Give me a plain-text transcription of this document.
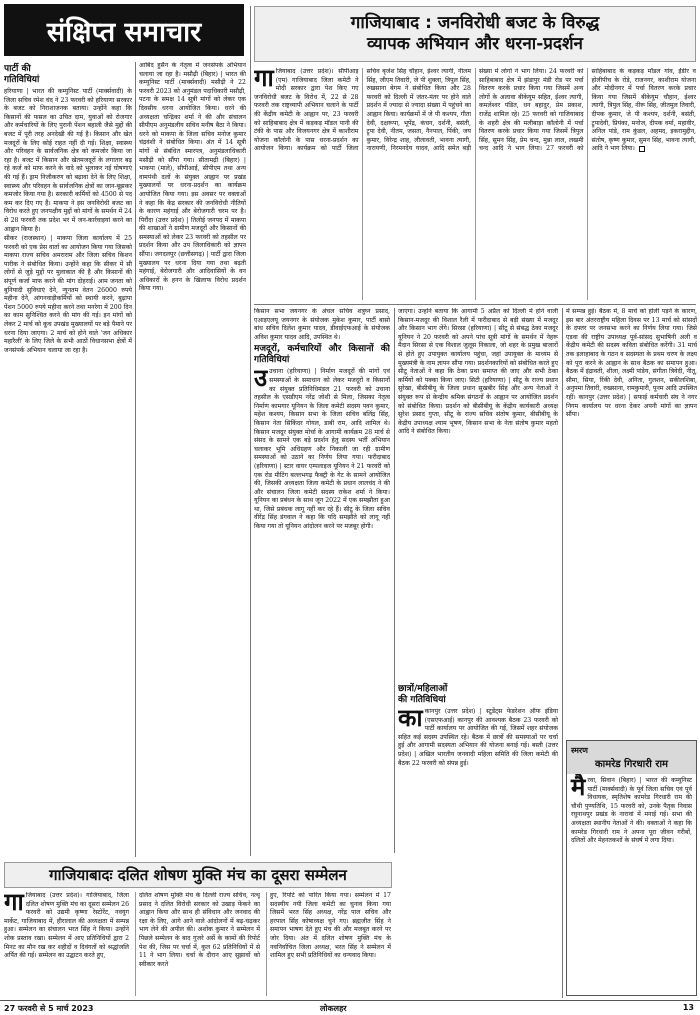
संक्षिप्त समाचार
पार्टी की
गतिविधियां

हरियाणा | भारत की कम्युनिस्ट पार्टी (मार्क्सवादी) के जिला सचिव रमेश चंद ने 23 फरवरी को हरियाणा सरकार के बजट को निराशाजनक बताया। उन्होंने कहा कि किसानों की फसल का उचित दाम, युवाओं को रोजगार और कर्मचारियों के लिए पुरानी पेंशन बहाली जैसे मुद्दों की बजट में पूरी तरह अनदेखी की गई है। किसान और खेत मजदूरों के लिए कोई राहत नहीं दी गई। शिक्षा, स्वास्थ्य और परिवहन के सार्वजनिक क्षेत्र को कमजोर किया जा रहा है। बजट में किसान और खेतमजदूरों के लगातार बढ़ रहे कर्ज को माफ करने के वादे को भुलाकर नई घोषणाएं की गई हैं। ड्राम निजीकरण को बढ़ावा देने के लिए शिक्षा, स्वास्थ्य और परिवहन के सार्वजनिक क्षेत्रों का जान-बूझकर कमजोर किया गया है। सरकारी कर्मियों को 4500 से पद कम कर दिए गए हैं। माकपा ने इस जनविरोधी बजट का विरोध करते हुए जनपक्षीय मुद्दों को मांगों के समर्थन में 24 से 28 फरवरी तक प्रदेश भर में जन-कार्रवाइयां करने का आह्वान किया है।

सीकर (राजस्थान) | माकपा जिला कार्यालय में 25 फरवरी को एक प्रेस वार्ता का आयोजन किया गया जिसको माकपा राज्य सचिव अमराराम और जिला सचिव किशन पारीक ने संबोधित किया। उन्होंने कहा कि सीकर में सी लोगों से जुड़े मुद्दों पर मुलाकात की है और किसानों की संपूर्ण कर्जा माफ करने की मांग दोहराई। आम जनता को बुनियादी सुविधाएं देने, न्यूनतम वेतन 26000 रुपये महीना देने, आंगनवाड़ीकर्मियों को स्थायी करने, बुढ़ापा पेंशन 5000 रुपये महीना करने तथा मनरेगा में 200 दिन का काम सुनिश्चित करने की मांग की गई। इन मांगों को लेकर 2 मार्च को कूच उपखंड मुख्यालयों पर बड़े पैमाने पर धरना दिया जाएगा। 2 मार्च को होने वाले 'जन अधिकार महारैली' के लिए जिले के सभी आठों विधानसभा क्षेत्रों में जनसंपर्क अभियान चलाया जा रहा है।

आबिद हुसैन के नेतृत्व में जनसंपर्क अभियान चलाया जा रहा है। मसौढ़ी (बिहार) | भारत की कम्युनिस्ट पार्टी (मार्क्सवादी) मसौढ़ी ने 22 फरवरी 2023 को अनुमंडल पदाधिकारी मसौढ़ी, पटना के समक्ष 14 सूत्री मांगों को लेकर एक दिवसीय धरना आयोजित किया। धरने की अध्यक्षता चन्द्रिका शर्मा ने की और संचालन सीपीएम अनुमंडलीय सचिव मनीष बैठा ने किया। धरने को माकपा के जिला सचिव मनोज कुमार चंद्रवंशी ने संबोधित किया। अंत में 14 सूत्री मांगों से संबंधित स्मारपत्र, अनुमंडलाधिकारी मसौढ़ी को सौंपा गया। सीतामढ़ी (बिहार) | भाकपा (माले), सीपीआई, सीपीएम तथा अन्य वामपंथी दलों के संयुक्त आह्वान पर प्रखंड मुख्यालयों पर धरना-प्रदर्शन का कार्यक्रम आयोजित किया गया। इस अवसर पर वक्ताओं ने कहा कि केंद्र सरकार की जनविरोधी नीतियों के कारण महंगाई और बेरोजगारी चरम पर है। पिरौंदा (उत्तर प्रदेश) | तिलोई जनपद में माकपा की शाखाओं ने ग्रामीण मजदूरों और किसानों की समस्याओं को लेकर 23 फरवरी को तहसील पर प्रदर्शन किया और उप जिलाधिकारी को ज्ञापन सौंपा। जगदलपुर (छत्तीसगढ़) | पार्टी द्वारा जिला मुख्यालय पर धरना दिया गया तथा बढ़ती महंगाई, बेरोजगारी और आदिवासियों के वन अधिकारों के हनन के खिलाफ विरोध प्रदर्शन किया गया।

गाजियाबाद : जनविरोधी बजट के विरुद्ध
व्यापक अभियान और धरना-प्रदर्शन
गा जियाबाद (उत्तर प्रदेश)। सीपीआइ (एम) गाजियाबाद जिला कमेटी ने मोदी सरकार द्वारा पेश किए गए जनविरोधी बजट के विरोध में, 22 से 28 फरवरी तक राष्ट्रव्यापी अभियान चलाने के पार्टी की केंद्रीय कमेटी के आह्वान पर, 23 फरवरी को साहिबाबाद क्षेत्र में कड़कड़ मॉडल पानी की टंकी के पास और विजयनगर क्षेत्र में काशीराम योजना कॉलोनी के पास धरना-प्रदर्शन का आयोजन किया। कार्यक्रम को पार्टी जिला सचिव बृजेश सिंह चौहान, ईश्वर त्यागी, नीलम सिंह, जीएम तिवारी, जे पी शुक्ला, त्रिपुल सिंह, रुखसाना बेगम ने संबोधित किया और 28 फरवरी को दिल्ली में जंतर-मंतर पर होने वाले प्रदर्शन में ज्यादा से ज्यादा संख्या में पहुंचने का आह्वान किया। कार्यक्रमों में जे पी कश्यप, गीता देवी, दक्षरूपा, भूपेंद्र, कंचन, दर्शनी, बसंती, ट्रूपा देवी, नीतम, जसता, नैनपाल, पिंकी, जय कुमार, विरेन्द्र शाह, लीलावती, भावना त्यागी, नारायणी, निरमनदेय यादव, आदि समेत बड़ी संख्या में लोगों ने भाग लिया। 24 फरवरी को साहिबाबाद क्षेत्र में झंडापुर मंडी रोड पर पर्चा वितरण करके प्रचार किया गया जिसमें अन्य लोगों के अलावा बीकेयुम सहित, ईश्वर त्यागी, कमलेश्वर पंडित, धन बहादुर, प्रेम प्रकाश, राजेंद्र शामिल रहे। 25 फरवरी को गाजियाबाद के शहरी क्षेत्र की मलीबाड़ा कॉलोनी में पर्चा वितरण करके प्रचार किया गया जिसमें त्रिपुल सिंह, सुमन सिंह, प्रेम चन्द, मुन्ना लाल, लखमी चन्द आदि ने भाग लिया। 27 फरवरी को साहिबाबाद के कड़कड़ मॉडल गांव, ईंडीर व होलीपीच के रोडे, राजनगर, काशीराम योजना और मोदीनगर में पर्चा वितरण करके प्रचार किया गया जिसमें बीकेयुम चौहान, ईश्वर त्यागी, त्रिपुल सिंह, नीरू सिंह, जीतमुल तिवारी, दीपक कुमार, जे पी कश्यप, दर्शनी, बसंती, ट्रूपादेवी, प्रियंका, मनोज, दीपक वर्मा, महावीर, अनिल पांडे, राम कुंडल, अहमद, इकरामुद्दीन, संतोष, कृष्ण कुमार, सुमन सिंह, भावना त्यागी, आदि ने भाग लिया।

किसान सभा जयनगर के अंचल सचिव शत्रुघ्न प्रसाद, एआइएलयू जयनगर के संयोजक मुकेश कुमार, पार्टी बासो बांध सचिव दिलेश कुमार यादव, डीवाईएफआई के संयोजक अविश कुमार यादव आदि, उपस्थित थे।

मजदूरों, कर्मचारियों और किसानों की गतिविधियां

उउचाना (हरियाणा) | निर्माण मजदूरों की मांगों एवं समस्याओं के समाधान को लेकर मजदूरों व किसानों का संयुक्त प्रतिनिधिमंडल 21 फरवरी को उचाना तहसील के एसडीएम नरेंद्र जोशी से मिला, जिसका नेतृत्व निर्माण कामगार यूनियन के जिला कमेटी सदस्य पवन कुमार, महेश कश्यप, किसान सभा के जिला सचिव बलिंद्र सिंह, किसान नेता सिकिंदर गोयल, डाबी राम, आदि शामिल थे। किसान मजदूर संयुक्त मोर्चा के आगामी कार्यक्रम 28 मार्च से संसद के सामने एक बड़े प्रदर्शन हेतु सदस्य भर्ती अभियान चलाकर भूमि अधिग्रहण और निकाली जा रही ग्रामीण समस्याओं को उठाने का निर्णय लिया गया। फरीदाबाद (हरियाणा) | स्टार वायर एम्पलाइज यूनियन ने 21 फरवरी को एक रोड मीटिंग बल्लभगढ़ फैक्ट्री के गेट के सामने आयोजित की, जिसकी अध्यक्षता जिला कमेटी के प्रधान लालचंद ने की और संचालन जिला कमेटी सदस्य राकेश शर्मा ने किया। यूनियन का प्रबंधन के साथ जून 2022 में एक समझौता हुआ था, जिसे प्रबंधक लागू नहीं कर रहे हैं। सीटू के जिला सचिव वीरेंद्र सिंह डंगवाल ने कहा कि यदि समझौते को लागू नहीं किया गया तो यूनियन आंदोलन करने पर मजबूर होगी।

जाएगा। उन्होंने बताया कि आगामी 5 अप्रैल को दिल्ली में होने वाली किसान-मजदूर की विशाल रैली में फरीदाबाद से बड़ी संख्या में मजदूर और किसान भाग लेंगे। सिरसा (हरियाणा) | सीटू से संबद्ध ठेका मजदूर यूनियन ने 20 फरवरी को अपने पांच सूत्री मांगों के समर्थन में नेहरू मैदान सिरसा से एक विशाल जुलूस निकाला, जो शहर के प्रमुख बाजारों से होते हुए उपायुक्त कार्यालय पहुंचा, जहां उपायुक्त के माध्यम से मुख्यमंत्री के नाम ज्ञापन सौंपा गया। प्रदर्शनकारियों को संबोधित करते हुए सीटू नेताओं ने कहा कि ठेका प्रथा समाप्त की जाए और सभी ठेका कर्मियों को पक्का किया जाए। सिटी (हरियाणा) | सीटू के राज्य प्रधान सुरेखा, बीसीबीयू के जिला प्रधान सुखबीर सिंह और अन्य नेताओं ने संयुक्त रूप से केन्द्रीय श्रमिक संगठनों के आह्वान पर आयोजित प्रदर्शन को संबोधित किया। प्रदर्शन को बीसीबीयू के केंद्रीय कार्यकारी अध्यक्ष सुरेश प्रसाद गुप्ता, सीटू के राज्य सचिव संतोष कुमार, बीसीबीयू के केंद्रीय उपाध्यक्ष श्याम भूषण, किसान सभा के नेता संतोष कुमार महतो आदि ने संबोधित किया।

छात्रों/महिलाओं
की गतिविधियां

काकानपुर (उत्तर प्रदेश) | स्टूडेंट्स फेडरेशन ऑफ इंडिया (एसएफआई) कानपुर की आवश्यक बैठक 23 फरवरी को पार्टी कार्यालय पर आयोजित की गई, जिसमें शहर संयोजक सहित कई सदस्य उपस्थित रहे। बैठक में छात्रों की समस्याओं पर चर्चा हुई और आगामी सदस्यता अभियान की योजना बनाई गई। बस्ती (उत्तर प्रदेश) | अखिल भारतीय जनवादी महिला समिति की जिला कमेटी की बैठक 22 फरवरी को संपन्न हुई।

में सम्पन्न हुई। बैठक में, 8 मार्च को होली पड़ने के कारण, इस बार अंतरराष्ट्रीय महिला दिवस पर 13 मार्च को सांसदों के दफ्तर पर जनसभा करने का निर्णय लिया गया। जिसे एडवा की राष्ट्रीय उपाध्यक्ष पूर्व-सांसद सुभाषिनी अली व केंद्रीय कमेटी की सदस्य कविता संबोधित करेंगी। 31 मार्च तक इलाहाबाद के गठन व सदस्यता के प्रथम चरण के लक्ष्य को पूरा करने के आह्वान के साथ बैठक का समापन हुआ। बैठक में इंद्रावती, शीला, लक्ष्मी पांडेय, संगीता त्रिवेदी, नीतू, सीमा, सिया, रिंकी देवी, अनिता, गुलशन, सकीलशिबा, अनुपमा तिवारी, रुखसाना, रामकुमारी, पूनम आदि उपस्थित रहीं। कानपुर (उत्तर प्रदेश) | सफाई कर्मचारी संघ ने नगर निगम कार्यालय पर धरना देकर अपनी मांगों का ज्ञापन सौंपा।

स्मरण
कामरेड गिरधारी राम
मै रवा, सिवान (बिहार) | भारत की कम्युनिस्ट पार्टी (मार्क्सवादी) के पूर्व जिला सचिव एवं पूर्व विधायक, स्मृतिशेष कामरेड गिरधारी राम की चौथी पुण्यतिथि, 15 फरवरी को, उनके पैतृक निवास रघुनाथपुर प्रखंड के नारावां में मनाई गई। सभा की अध्यक्षता स्थानीय नेताओं ने की। वक्ताओं ने कहा कि कामरेड गिरधारी राम ने अपना पूरा जीवन गरीबों, दलितों और मेहनतकशों के संघर्ष में लगा दिया।
गाजियाबादः दलित शोषण मुक्ति मंच का दूसरा सम्मेलन
गा जियाबाद (उत्तर प्रदेश)। गाजियाबाद, जिला दलित शोषण मुक्ति मंच का दूसरा सम्मेलन 26 फरवरी को उद्यमी कृष्णा रेस्टोरेंट, नवयुग मार्केट, गाजियाबाद में, हीरालाल की अध्यक्षता में सम्पन्न हुआ। सम्मेलन का संचालन भरत सिंह ने किया। उन्होंने शोक प्रस्ताव रखा। सम्मेलन में आए प्रतिनिधियों द्वारा 2 मिनट का मौन रख कर शहीदों व दिवंगतों को श्रद्धांजलि अर्पित की गई। सम्मेलन का उद्घाटन करते हुए,
दलित शोषण मुक्ति मंच के दिल्ली राज्य सचिव, नत्थू प्रसाद ने दलित विरोधी सरकार को उखाड़ फेंकने का आह्वान किया और साथ ही संविधान और जनवाद की रक्षा के लिए, आगे आने वाले आंदोलनों में बढ़-चढ़कर भाग लेने की अपील की। अशोक कुमार ने सम्मेलन में पिछले सम्मेलन के बाद गुजरे अर्से के कामों की रिपोर्ट पेश की, जिस पर चर्चा में, कुल 62 प्रतिनिधियों में से 11 ने भाग लिया। चर्चा के दौरान आए सुझावों को स्वीकार करते
हुए, रिपोर्ट को पारित किया गया। सम्मेलन में 17 सदस्यीय नयी जिला कमेटी का चुनाव किया गया जिसमें भरत सिंह अध्यक्ष, नरेंद्र पाल सचिव और हरपाल सिंह कोषाध्यक्ष चुने गए। ब्रह्मजीत सिंह ने समापन भाषण देते हुए मंच की और मजबूत करने पर जोर दिया। अंत में दलित शोषण मुक्ति मंच के नवनिर्वाचित जिला अध्यक्ष, भरत सिंह ने सम्मेलन में शामिल हुए सभी प्रतिनिधियों का धन्यवाद किया।
27 फरवरी से 5 मार्च 2023	लोकलहर	13
